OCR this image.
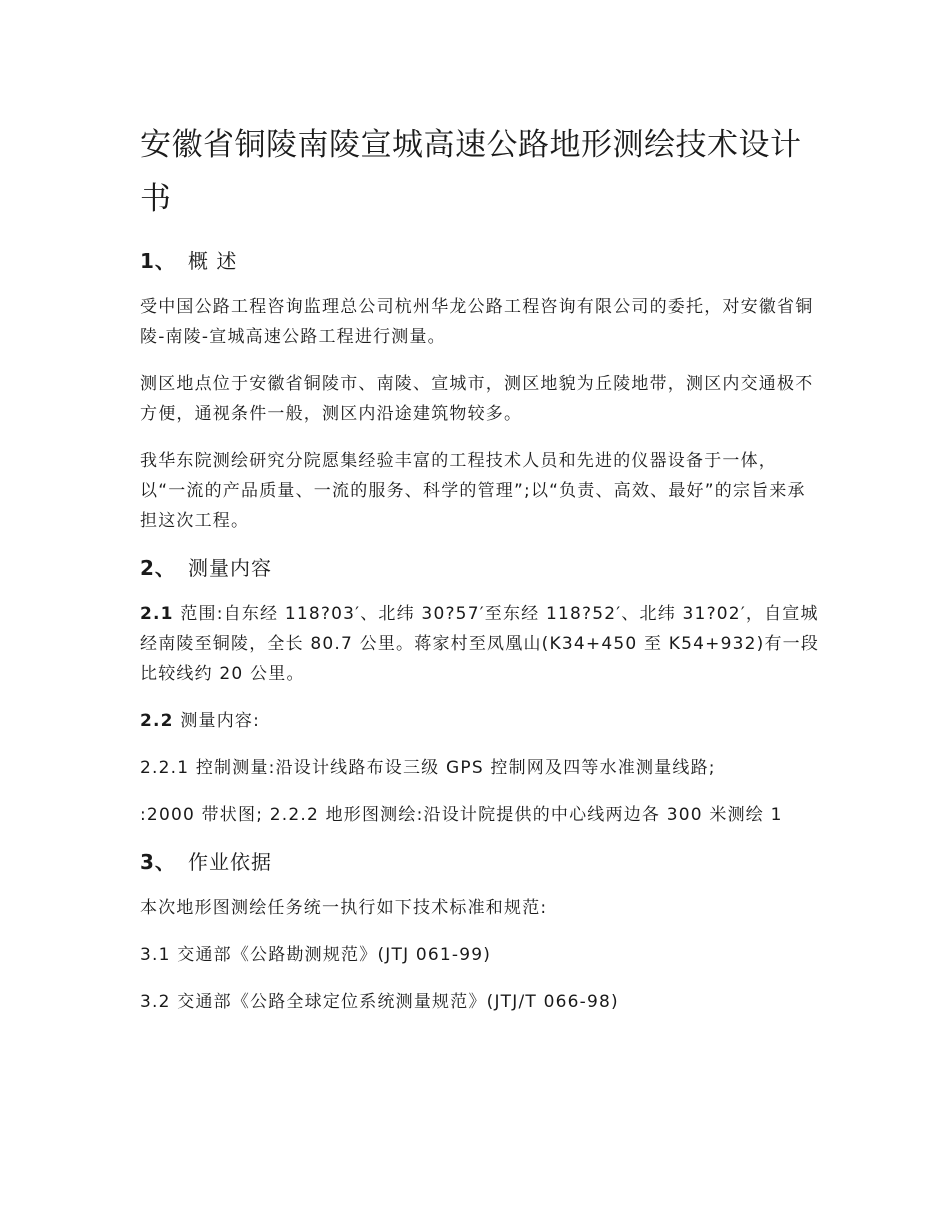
安徽省铜陵南陵宣城高速公路地形测绘技术设计书
1、 概 述

受中国公路工程咨询监理总公司杭州华龙公路工程咨询有限公司的委托，对安徽省铜陵-南陵-宣城高速公路工程进行测量。

测区地点位于安徽省铜陵市、南陵、宣城市，测区地貌为丘陵地带，测区内交通极不方便，通视条件一般，测区内沿途建筑物较多。

我华东院测绘研究分院愿集经验丰富的工程技术人员和先进的仪器设备于一体，以“一流的产品质量、一流的服务、科学的管理”;以“负责、高效、最好”的宗旨来承担这次工程。

2、 测量内容

2.1 范围:自东经 118?03′、北纬 30?57′至东经 118?52′、北纬 31?02′，自宣城经南陵至铜陵，全长 80.7 公里。蒋家村至凤凰山(K34+450 至 K54+932)有一段比较线约 20 公里。

2.2 测量内容:

2.2.1 控制测量:沿设计线路布设三级 GPS 控制网及四等水准测量线路;

:2000 带状图; 2.2.2 地形图测绘:沿设计院提供的中心线两边各 300 米测绘 1

3、 作业依据

本次地形图测绘任务统一执行如下技术标准和规范:

3.1 交通部《公路勘测规范》(JTJ 061-99)

3.2 交通部《公路全球定位系统测量规范》(JTJ/T 066-98)
